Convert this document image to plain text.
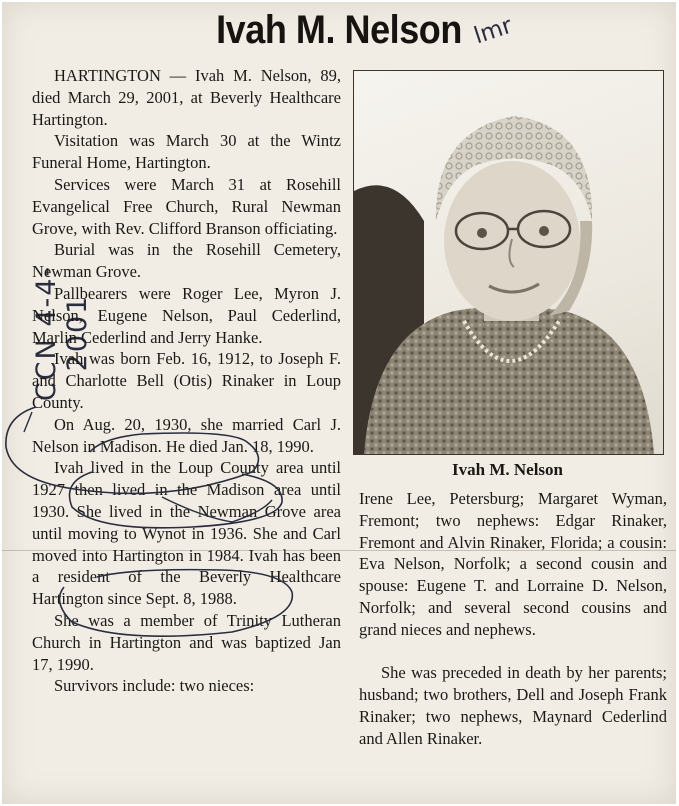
Ivah M. Nelson lmr
CCN 4-4-2001

HARTINGTON — Ivah M. Nelson, 89, died March 29, 2001, at Beverly Healthcare Hartington.

Visitation was March 30 at the Wintz Funeral Home, Hartington.

Services were March 31 at Rosehill Evangelical Free Church, Rural Newman Grove, with Rev. Clifford Branson officiating.

Burial was in the Rosehill Cemetery, Newman Grove.

Pallbearers were Roger Lee, Myron J. Nelson, Eugene Nelson, Paul Cederlind, Marlin Cederlind and Jerry Hanke.

Ivah was born Feb. 16, 1912, to Joseph F. and Charlotte Bell (Otis) Rinaker in Loup County.

On Aug. 20, 1930, she married Carl J. Nelson in Madison. He died Jan. 18, 1990.

Ivah lived in the Loup County area until 1927 then lived in the Madison area until 1930. She lived in the Newman Grove area until moving to Wynot in 1936. She and Carl moved into Hartington in 1984. Ivah has been a resident of the Beverly Healthcare Hartington since Sept. 8, 1988.

She was a member of Trinity Lutheran Church in Hartington and was baptized Jan 17, 1990.

Survivors include: two nieces:

Ivah M. Nelson

Irene Lee, Petersburg; Margaret Wyman, Fremont; two nephews: Edgar Rinaker, Fremont and Alvin Rinaker, Florida; a cousin: Eva Nelson, Norfolk; a second cousin and spouse: Eugene T. and Lorraine D. Nelson, Norfolk; and several second cousins and grand nieces and nephews.

She was preceded in death by her parents; husband; two brothers, Dell and Joseph Frank Rinaker; two nephews, Maynard Cederlind and Allen Rinaker.
